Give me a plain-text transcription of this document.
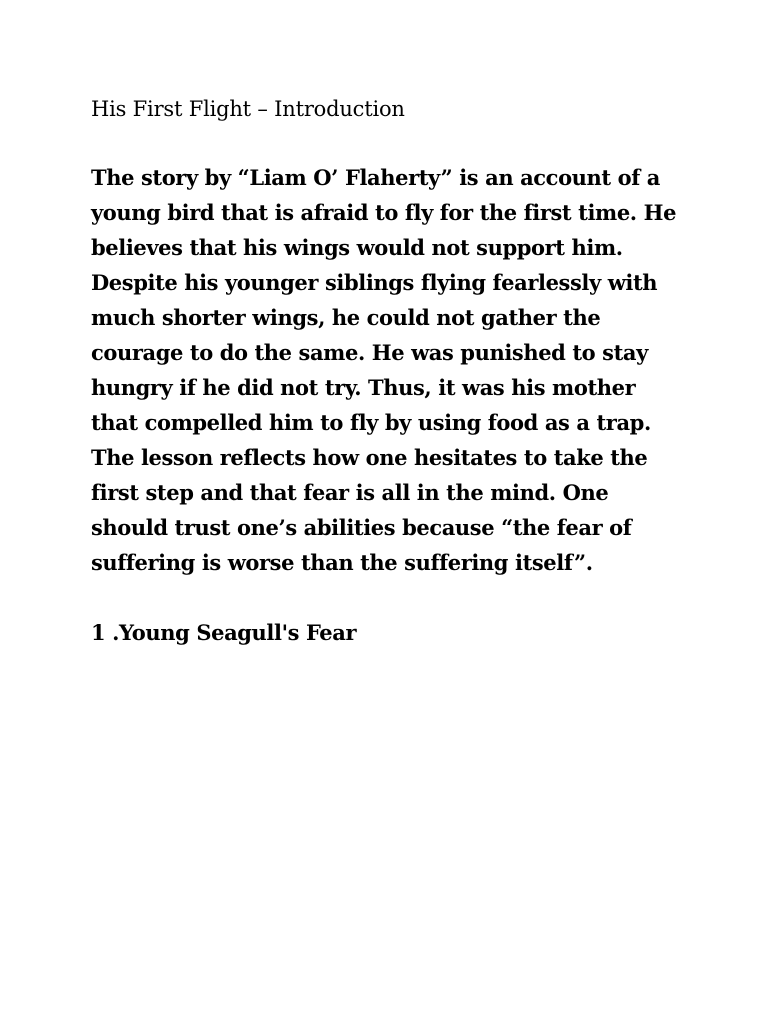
His First Flight – Introduction
The story by “Liam O’ Flaherty” is an account of a
young bird that is afraid to fly for the first time. He
believes that his wings would not support him.
Despite his younger siblings flying fearlessly with
much shorter wings, he could not gather the
courage to do the same. He was punished to stay
hungry if he did not try. Thus, it was his mother
that compelled him to fly by using food as a trap.
The lesson reflects how one hesitates to take the
first step and that fear is all in the mind. One
should trust one’s abilities because “the fear of
suffering is worse than the suffering itself”.
1 .Young Seagull's Fear
